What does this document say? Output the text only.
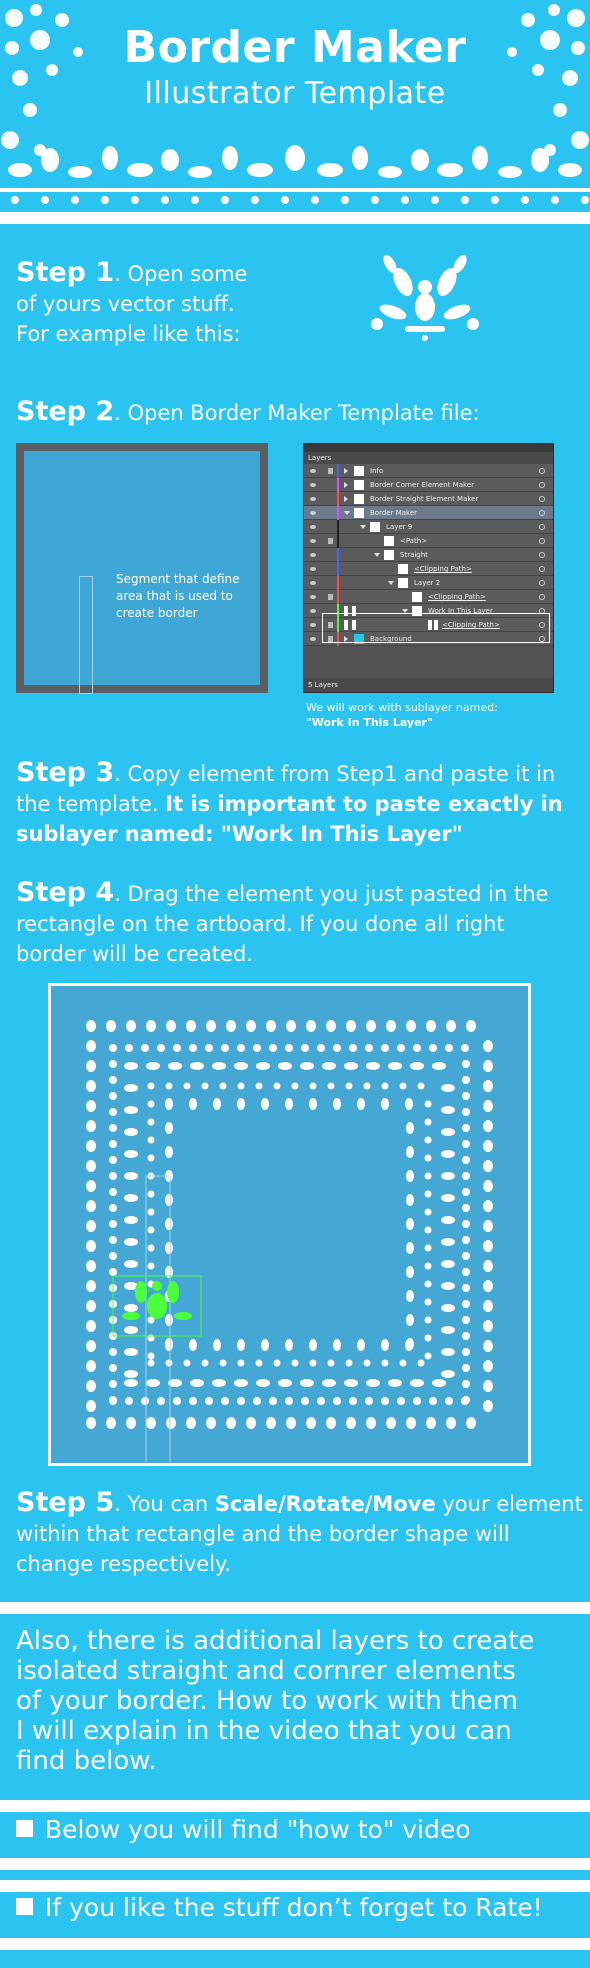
Border Maker
Illustrator Template
Step 1. Open some
of yours vector stuff.
For example like this:
Step 2. Open Border Maker Template file:
Segment that define area that is used to create border
Layers
Info
Border Corner Element Maker
Border Straight Element Maker
Border Maker
Layer 9
<Path>
Straight
<Clipping Path>
Layer 2
<Clipping Path>
Work In This Layer
<Clipping Path>
Background
5 Layers
We will work with sublayer named:
"Work In This Layer"
Step 3. Copy element from Step1 and paste it in
the template. It is important to paste exactly in
sublayer named: "Work In This Layer"
Step 4. Drag the element you just pasted in the
rectangle on the artboard. If you done all right
border will be created.
Step 5. You can Scale/Rotate/Move your element
within that rectangle and the border shape will
change respectively.
Also, there is additional layers to create
isolated straight and cornrer elements
of your border. How to work with them
I will explain in the video that you can
find below.
Below you will find "how to" video
If you like the stuff don’t forget to Rate!
